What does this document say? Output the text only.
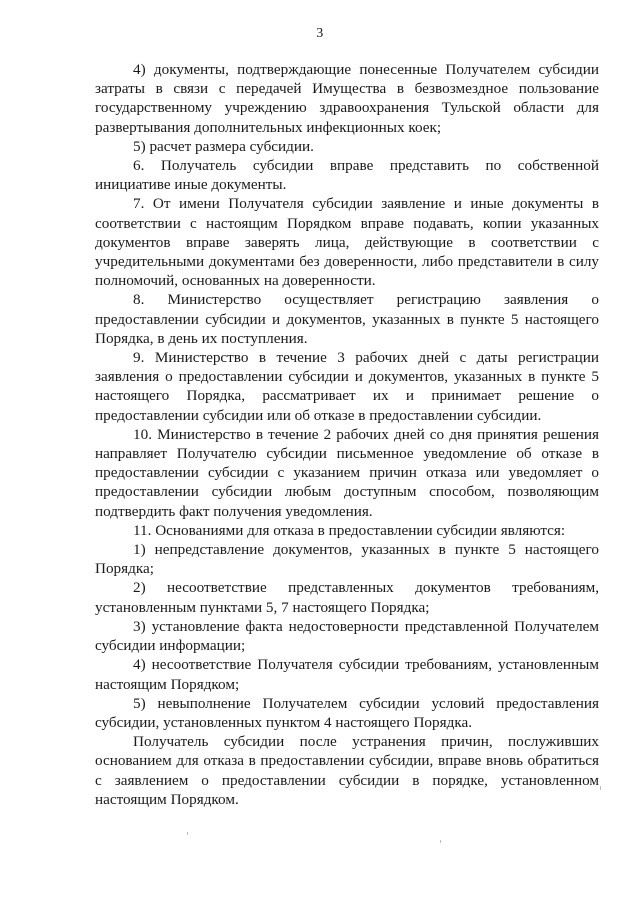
3

4) документы, подтверждающие понесенные Получателем субсидии затраты в связи с передачей Имущества в безвозмездное пользование государственному учреждению здравоохранения Тульской области для развертывания дополнительных инфекционных коек;

5) расчет размера субсидии.

6. Получатель субсидии вправе представить по собственной инициативе иные документы.

7. От имени Получателя субсидии заявление и иные документы в соответствии с настоящим Порядком вправе подавать, копии указанных документов вправе заверять лица, действующие в соответствии с учредительными документами без доверенности, либо представители в силу полномочий, основанных на доверенности.

8. Министерство осуществляет регистрацию заявления о предоставлении субсидии и документов, указанных в пункте 5 настоящего Порядка, в день их поступления.

9. Министерство в течение 3 рабочих дней с даты регистрации заявления о предоставлении субсидии и документов, указанных в пункте 5 настоящего Порядка, рассматривает их и принимает решение о предоставлении субсидии или об отказе в предоставлении субсидии.

10. Министерство в течение 2 рабочих дней со дня принятия решения направляет Получателю субсидии письменное уведомление об отказе в предоставлении субсидии с указанием причин отказа или уведомляет о предоставлении субсидии любым доступным способом, позволяющим подтвердить факт получения уведомления.

11. Основаниями для отказа в предоставлении субсидии являются:

1) непредставление документов, указанных в пункте 5 настоящего Порядка;

2) несоответствие представленных документов требованиям, установленным пунктами 5, 7 настоящего Порядка;

3) установление факта недостоверности представленной Получателем субсидии информации;

4) несоответствие Получателя субсидии требованиям, установленным настоящим Порядком;

5) невыполнение Получателем субсидии условий предоставления субсидии, установленных пунктом 4 настоящего Порядка.

Получатель субсидии после устранения причин, послуживших основанием для отказа в предоставлении субсидии, вправе вновь обратиться с заявлением о предоставлении субсидии в порядке, установленном настоящим Порядком.
